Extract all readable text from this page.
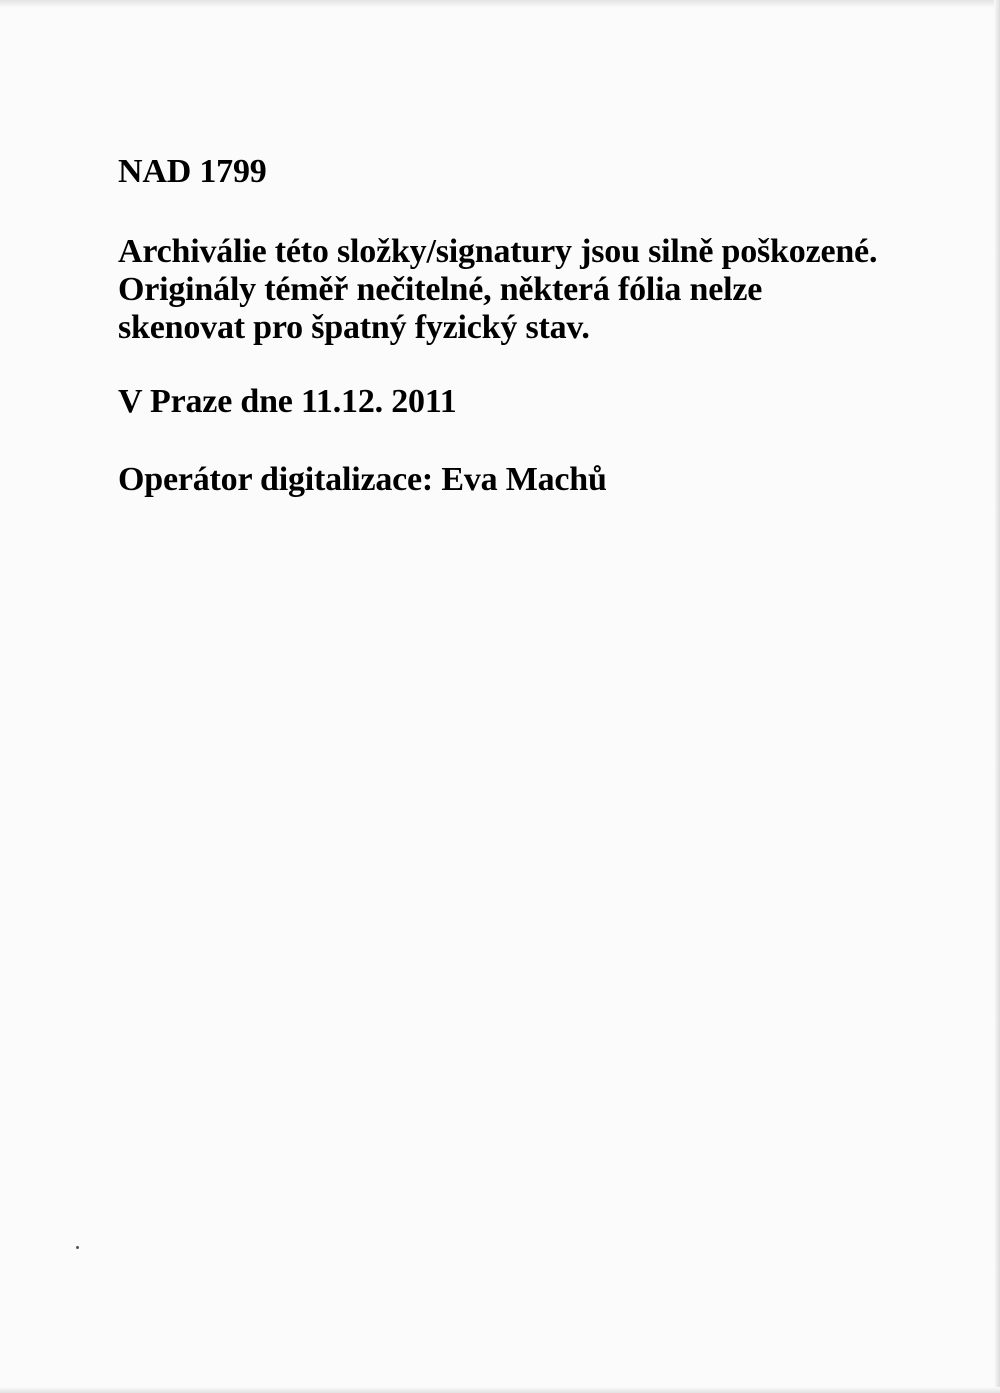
NAD 1799
Archiválie této složky/signatury jsou silně poškozené.
Originály téměř nečitelné, některá fólia nelze
skenovat pro špatný fyzický stav.
V Praze dne 11.12. 2011
Operátor digitalizace: Eva Machů
